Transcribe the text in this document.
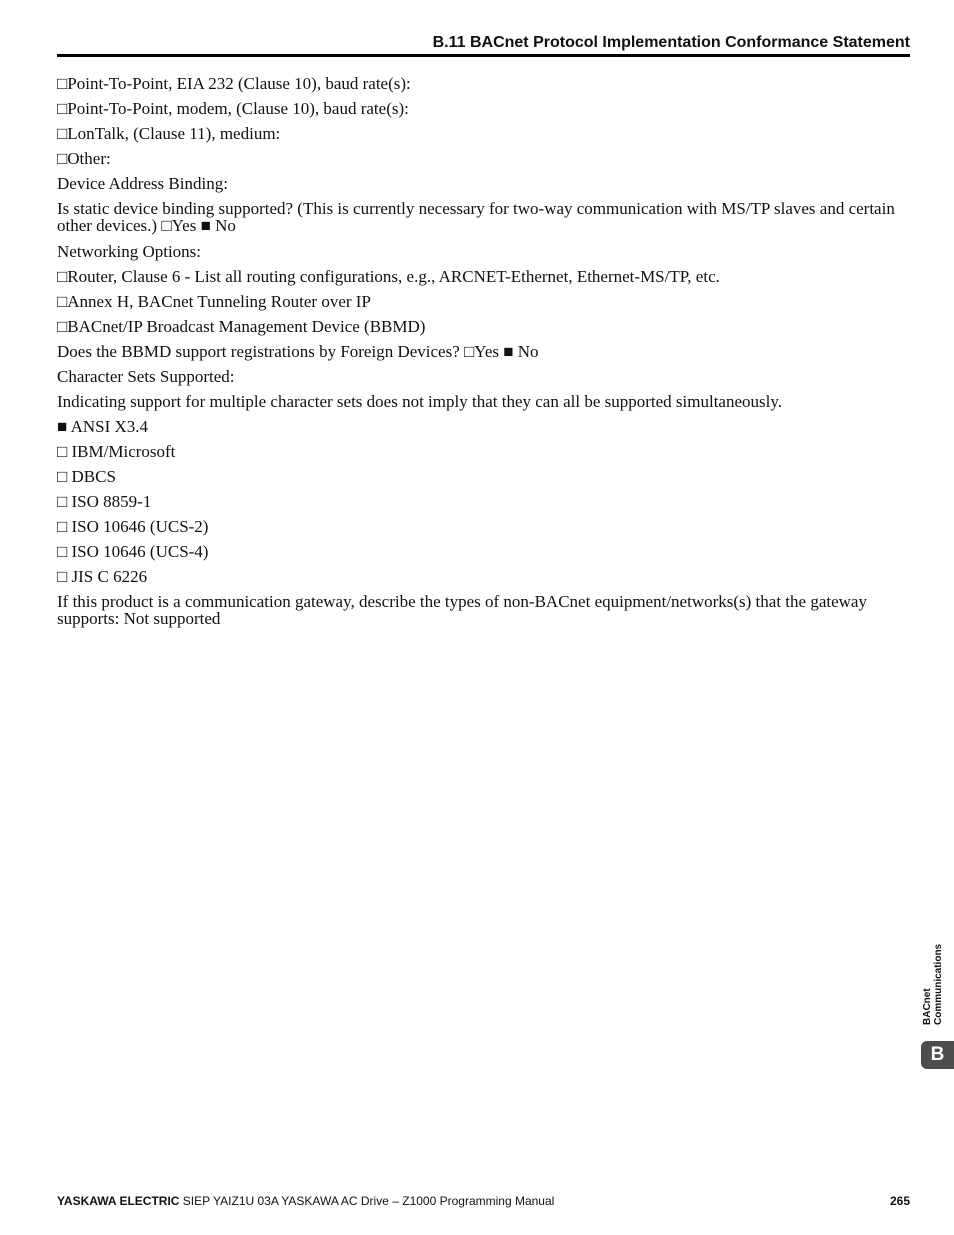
B.11 BACnet Protocol Implementation Conformance Statement

□Point-To-Point, EIA 232 (Clause 10), baud rate(s):

□Point-To-Point, modem, (Clause 10), baud rate(s):

□LonTalk, (Clause 11), medium:

□Other:

Device Address Binding:

Is static device binding supported? (This is currently necessary for two-way communication with MS/TP slaves and certain other devices.) □Yes ■ No

Networking Options:

□Router, Clause 6 - List all routing configurations, e.g., ARCNET-Ethernet, Ethernet-MS/TP, etc.

□Annex H, BACnet Tunneling Router over IP

□BACnet/IP Broadcast Management Device (BBMD)

Does the BBMD support registrations by Foreign Devices? □Yes ■ No

Character Sets Supported:

Indicating support for multiple character sets does not imply that they can all be supported simultaneously.

■ ANSI X3.4

□ IBM/Microsoft

□ DBCS

□ ISO 8859-1

□ ISO 10646 (UCS-2)

□ ISO 10646 (UCS-4)

□ JIS C 6226

If this product is a communication gateway, describe the types of non-BACnet equipment/networks(s) that the gateway supports: Not supported

BACnet Communications
B
YASKAWA ELECTRIC SIEP YAIZ1U 03A YASKAWA AC Drive – Z1000 Programming Manual	265
